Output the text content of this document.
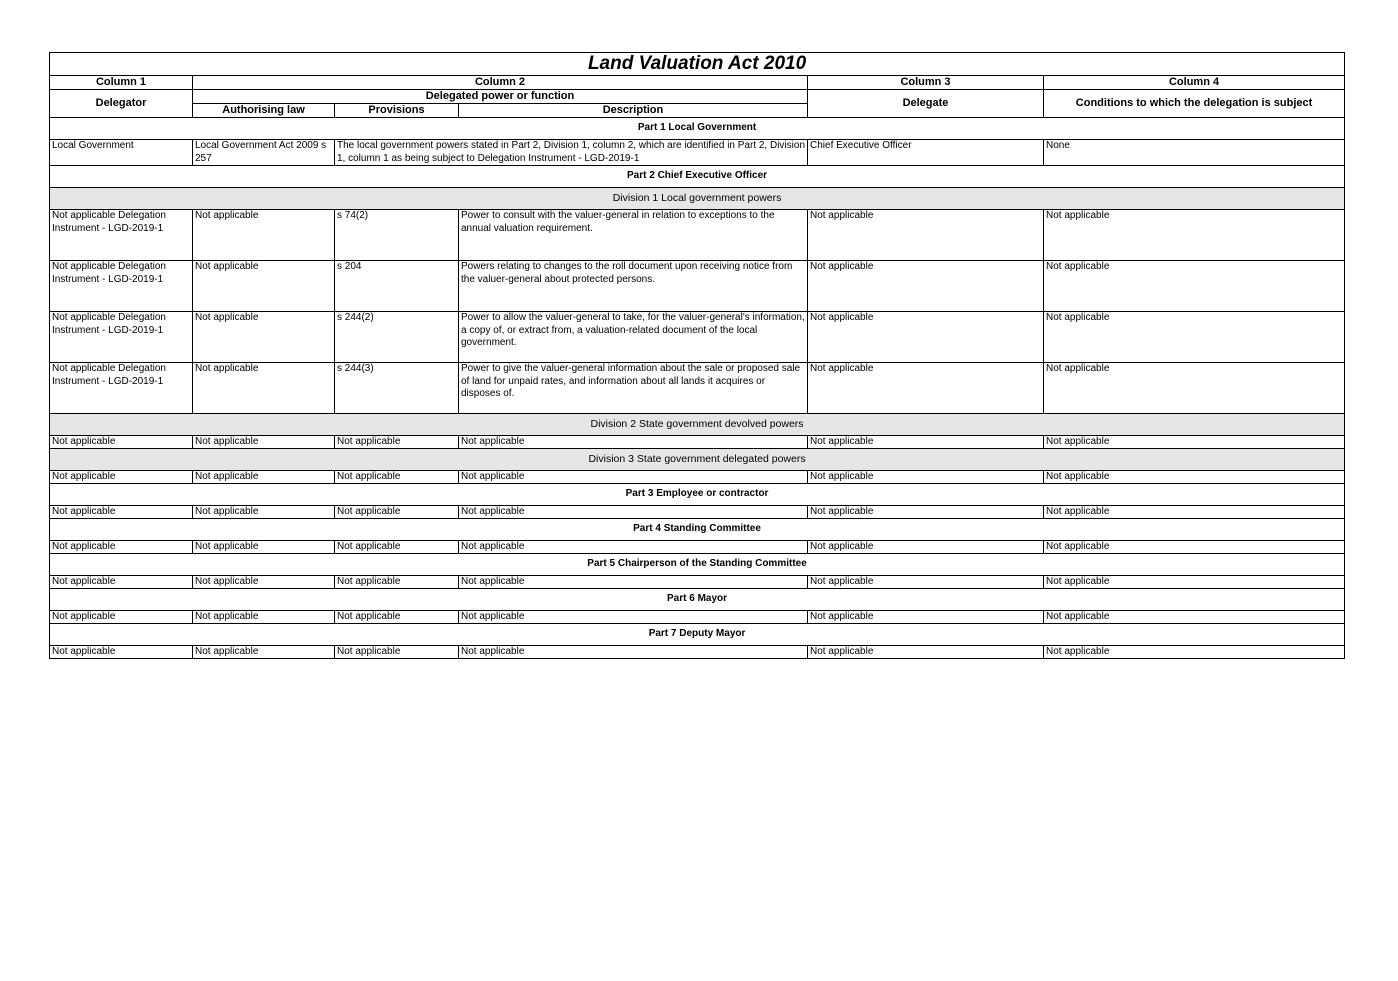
Land Valuation Act 2010					
Column 1	Column 2			Column 3	Column 4
Delegator	Delegated power or function			Delegate	Conditions to which the delegation is subject
	Authorising law	Provisions	Description		
Part 1 Local Government					
Local Government	Local Government Act 2009 s 257	The local government powers stated in Part 2, Division 1, column 2, which are identified in Part 2, Division 1, column 1 as being subject to Delegation Instrument - LGD-2019-1		Chief Executive Officer	None
Part 2 Chief Executive Officer					
Division 1 Local government powers					
Not applicable Delegation Instrument - LGD-2019-1	Not applicable	s 74(2)	Power to consult with the valuer-general in relation to exceptions to the annual valuation requirement.	Not applicable	Not applicable
Not applicable Delegation Instrument - LGD-2019-1	Not applicable	s 204	Powers relating to changes to the roll document upon receiving notice from the valuer-general about protected persons.	Not applicable	Not applicable
Not applicable Delegation Instrument - LGD-2019-1	Not applicable	s 244(2)	Power to allow the valuer-general to take, for the valuer-general's information, a copy of, or extract from, a valuation-related document of the local government.	Not applicable	Not applicable
Not applicable Delegation Instrument - LGD-2019-1	Not applicable	s 244(3)	Power to give the valuer-general information about the sale or proposed sale of land for unpaid rates, and information about all lands it acquires or disposes of.	Not applicable	Not applicable
Division 2 State government devolved powers					
Not applicable	Not applicable	Not applicable	Not applicable	Not applicable	Not applicable
Division 3 State government delegated powers					
Not applicable	Not applicable	Not applicable	Not applicable	Not applicable	Not applicable
Part 3 Employee or contractor					
Not applicable	Not applicable	Not applicable	Not applicable	Not applicable	Not applicable
Part 4 Standing Committee					
Not applicable	Not applicable	Not applicable	Not applicable	Not applicable	Not applicable
Part 5 Chairperson of the Standing Committee					
Not applicable	Not applicable	Not applicable	Not applicable	Not applicable	Not applicable
Part 6 Mayor					
Not applicable	Not applicable	Not applicable	Not applicable	Not applicable	Not applicable
Part 7 Deputy Mayor					
Not applicable	Not applicable	Not applicable	Not applicable	Not applicable	Not applicable
